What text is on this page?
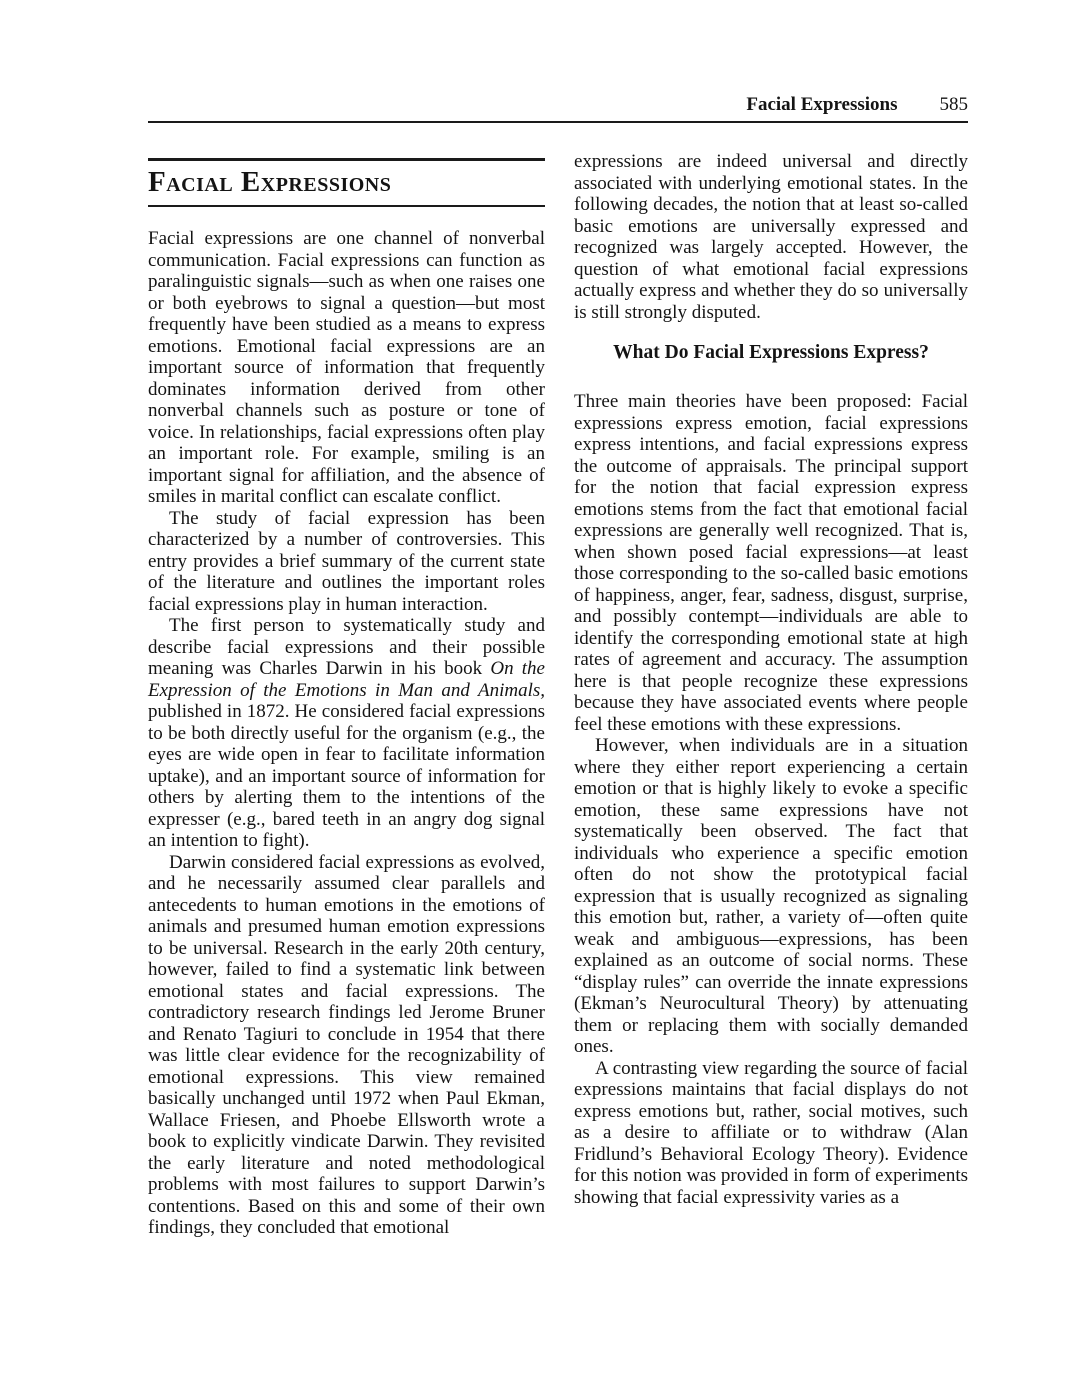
Facial Expressions 585
Facial Expressions

Facial expressions are one channel of nonverbal communication. Facial expressions can function as paralinguistic signals—such as when one raises one or both eyebrows to signal a question—but most frequently have been studied as a means to express emotions. Emotional facial expressions are an important source of information that frequently dominates information derived from other nonverbal channels such as posture or tone of voice. In relationships, facial expressions often play an important role. For example, smiling is an important signal for affiliation, and the absence of smiles in marital conflict can escalate conflict.

The study of facial expression has been characterized by a number of controversies. This entry provides a brief summary of the current state of the literature and outlines the important roles facial expressions play in human interaction.

The first person to systematically study and describe facial expressions and their possible meaning was Charles Darwin in his book On the Expression of the Emotions in Man and Animals, published in 1872. He considered facial expressions to be both directly useful for the organism (e.g., the eyes are wide open in fear to facilitate information uptake), and an important source of information for others by alerting them to the intentions of the expresser (e.g., bared teeth in an angry dog signal an intention to fight).

Darwin considered facial expressions as evolved, and he necessarily assumed clear parallels and antecedents to human emotions in the emotions of animals and presumed human emotion expressions to be universal. Research in the early 20th century, however, failed to find a systematic link between emotional states and facial expressions. The contradictory research findings led Jerome Bruner and Renato Tagiuri to conclude in 1954 that there was little clear evidence for the recognizability of emotional expressions. This view remained basically unchanged until 1972 when Paul Ekman, Wallace Friesen, and Phoebe Ellsworth wrote a book to explicitly vindicate Darwin. They revisited the early literature and noted methodological problems with most failures to support Darwin’s contentions. Based on this and some of their own findings, they concluded that emotional

expressions are indeed universal and directly associated with underlying emotional states. In the following decades, the notion that at least so-called basic emotions are universally expressed and recognized was largely accepted. However, the question of what emotional facial expressions actually express and whether they do so universally is still strongly disputed.

What Do Facial Expressions Express?

Three main theories have been proposed: Facial expressions express emotion, facial expressions express intentions, and facial expressions express the outcome of appraisals. The principal support for the notion that facial expression express emotions stems from the fact that emotional facial expressions are generally well recognized. That is, when shown posed facial expressions—at least those corresponding to the so-called basic emotions of happiness, anger, fear, sadness, disgust, surprise, and possibly contempt—individuals are able to identify the corresponding emotional state at high rates of agreement and accuracy. The assumption here is that people recognize these expressions because they have associated events where people feel these emotions with these expressions.

However, when individuals are in a situation where they either report experiencing a certain emotion or that is highly likely to evoke a specific emotion, these same expressions have not systematically been observed. The fact that individuals who experience a specific emotion often do not show the prototypical facial expression that is usually recognized as signaling this emotion but, rather, a variety of—often quite weak and ambiguous—expressions, has been explained as an outcome of social norms. These “display rules” can override the innate expressions (Ekman’s Neurocultural Theory) by attenuating them or replacing them with socially demanded ones.

A contrasting view regarding the source of facial expressions maintains that facial displays do not express emotions but, rather, social motives, such as a desire to affiliate or to withdraw (Alan Fridlund’s Behavioral Ecology Theory). Evidence for this notion was provided in form of experiments showing that facial expressivity varies as a
